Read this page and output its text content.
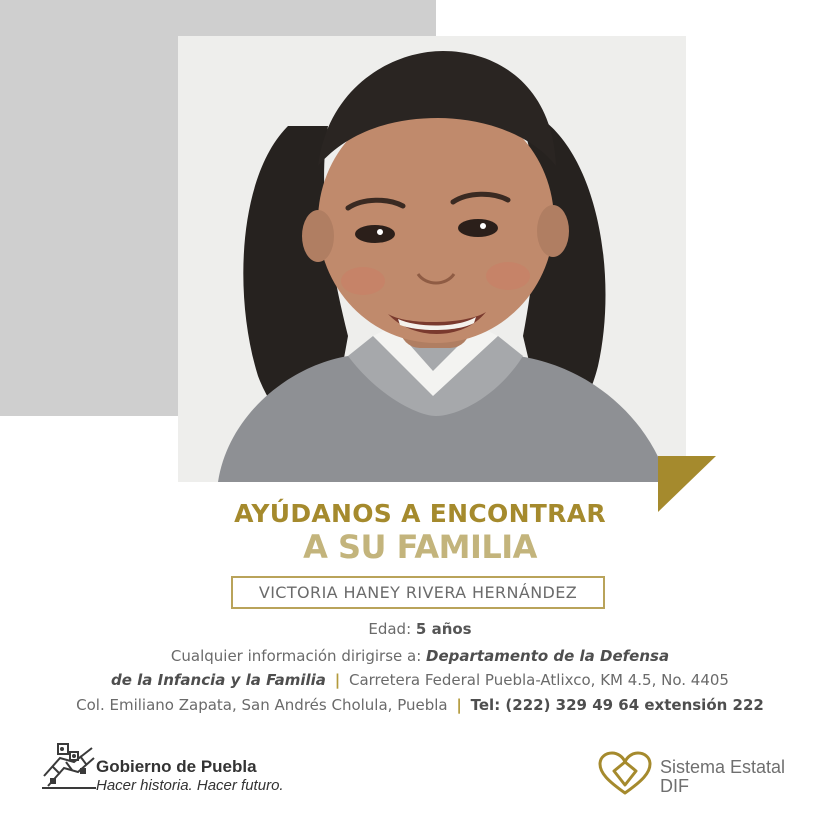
AYÚDANOS A ENCONTRAR
A SU FAMILIA
VICTORIA HANEY RIVERA HERNÁNDEZ
Edad: 5 años
Cualquier información dirigirse a: Departamento de la Defensa
de la Infancia y la Familia | Carretera Federal Puebla-Atlixco, KM 4.5, No. 4405
Col. Emiliano Zapata, San Andrés Cholula, Puebla | Tel: (222) 329 49 64 extensión 222
Gobierno de Puebla
Hacer historia. Hacer futuro.
Sistema Estatal
DIF
